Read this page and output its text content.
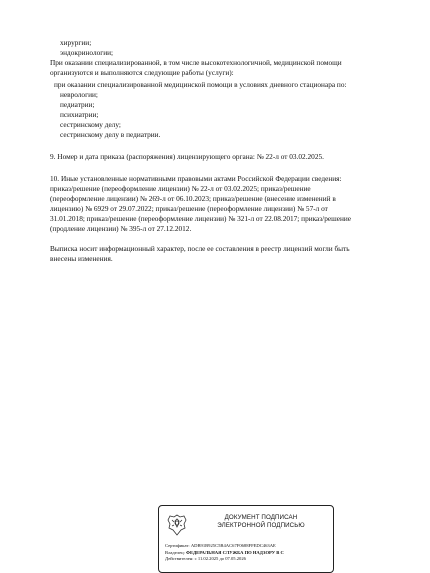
хирургии;
эндокринологии;
При оказании специализированной, в том числе высокотехнологичной, медицинской помощи
организуются и выполняются следующие работы (услуги):
при оказании специализированной медицинской помощи в условиях дневного стационара по:
неврологии;
педиатрии;
психиатрии;
сестринскому делу;
сестринскому делу в педиатрии.
9. Номер и дата приказа (распоряжения) лицензирующего органа: № 22-л от 03.02.2025.
10. Иные установленные нормативными правовыми актами Российской Федерации сведения:
приказ/решение (переоформление лицензии) № 22-л от 03.02.2025; приказ/решение
(переоформление лицензии) № 269-л от 06.10.2023; приказ/решение (внесение изменений в
лицензию) № 6929 от 29.07.2022; приказ/решение (переоформление лицензии) № 57-л от
31.01.2018; приказ/решение (переоформление лицензии) № 321-л от 22.08.2017; приказ/решение
(продление лицензии) № 395-л от 27.12.2012.
Выписка носит информационный характер, после ее составления в реестр лицензий могли быть
внесены изменения.
ДОКУМЕНТ ПОДПИСАН
ЭЛЕКТРОННОЙ ПОДПИСЬЮ
Сертификат: ADB91B925C5B4AC67F0688FFEDC463AE
Владелец: ФЕДЕРАЛЬНАЯ СЛУЖБА ПО НАДЗОРУ В С
Действителен: с 11.02.2025 до 07.05.2026
